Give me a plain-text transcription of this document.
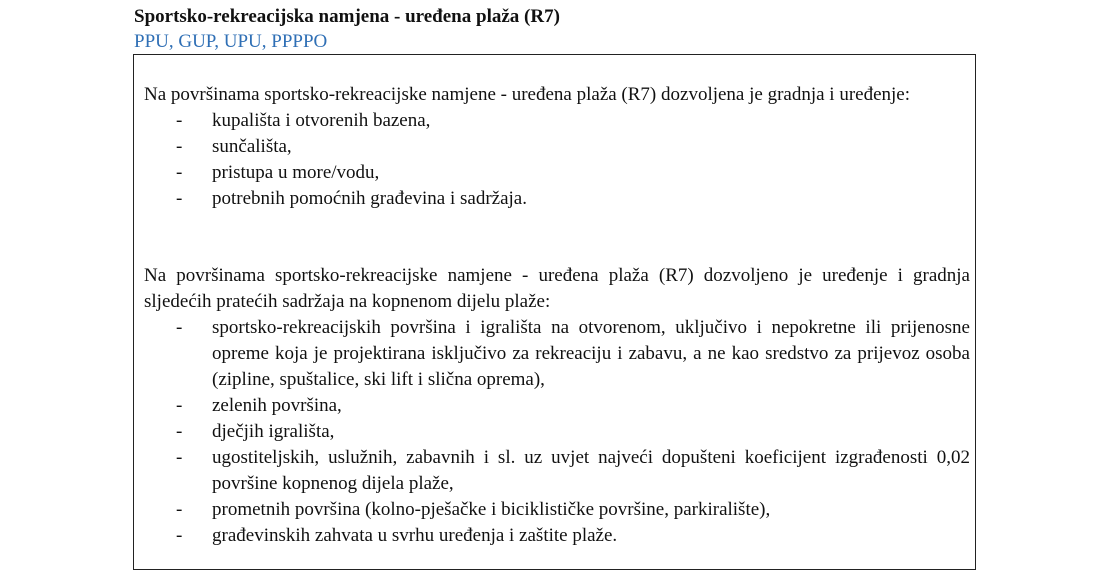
Sportsko-rekreacijska namjena - uređena plaža (R7)
PPU, GUP, UPU, PPPPO
Na površinama sportsko-rekreacijske namjene - uređena plaža (R7) dozvoljena je gradnja i uređenje:
- kupališta i otvorenih bazena,
- sunčališta,
- pristupa u more/vodu,
- potrebnih pomoćnih građevina i sadržaja.
Na površinama sportsko-rekreacijske namjene - uređena plaža (R7) dozvoljeno je uređenje i gradnja sljedećih pratećih sadržaja na kopnenom dijelu plaže:
- sportsko-rekreacijskih površina i igrališta na otvorenom, uključivo i nepokretne ili prijenosne opreme koja je projektirana isključivo za rekreaciju i zabavu, a ne kao sredstvo za prijevoz osoba (zipline, spuštalice, ski lift i slična oprema),
- zelenih površina,
- dječjih igrališta,
- ugostiteljskih, uslužnih, zabavnih i sl. uz uvjet najveći dopušteni koeficijent izgrađenosti 0,02 površine kopnenog dijela plaže,
- prometnih površina (kolno-pješačke i biciklističke površine, parkiralište),
- građevinskih zahvata u svrhu uređenja i zaštite plaže.
